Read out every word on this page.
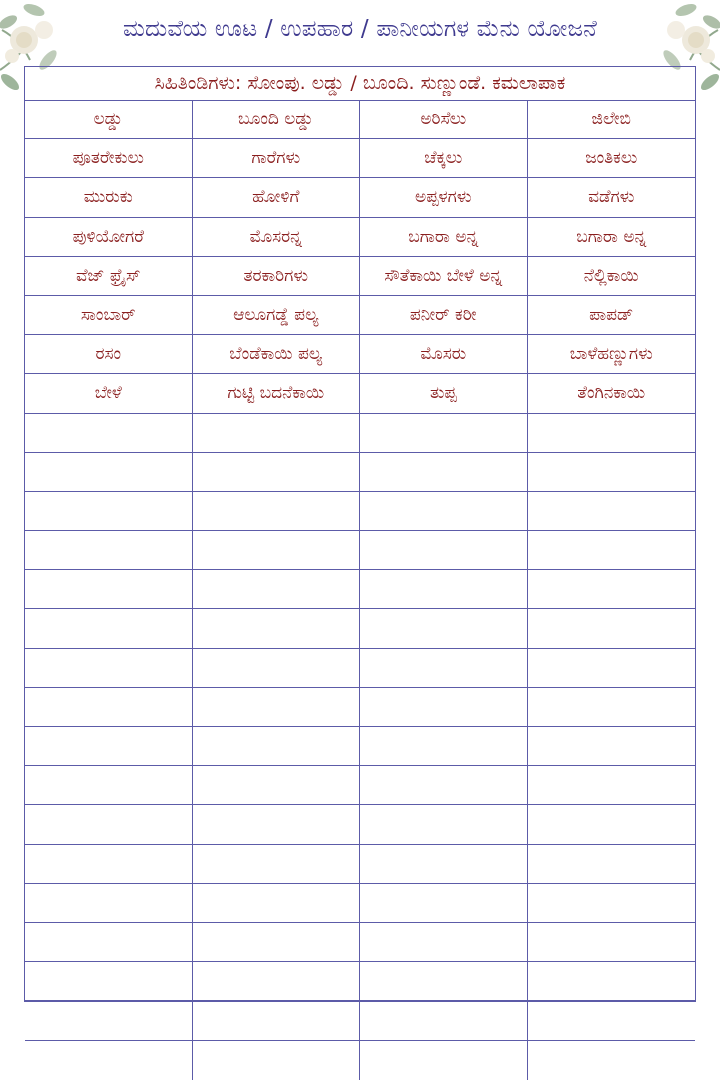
ಮದುವೆಯ ಊಟ / ಉಪಹಾರ / ಪಾನೀಯಗಳ ಮೆನು ಯೋಜನೆ
ಸಿಹಿತಿಂಡಿಗಳು: ಸೋಂಪು. ಲಡ್ಡು / ಬೂಂದಿ. ಸುಣ್ಣುಂಡೆ. ಕಮಲಾಪಾಕ
ಲಡ್ಡು	ಬೂಂದಿ ಲಡ್ಡು	ಅರಿಸೆಲು	ಜಿಲೇಬಿ
ಪೂತರೇಕುಲು	ಗಾರೆಗಳು	ಚೆಕ್ಕಲು	ಜಂತಿಕಲು
ಮುರುಕು	ಹೋಳಿಗೆ	ಅಪ್ಪಳಗಳು	ವಡೆಗಳು
ಪುಳಿಯೋಗರೆ	ಮೊಸರನ್ನ	ಬಗಾರಾ ಅನ್ನ	ಬಗಾರಾ ಅನ್ನ
ವೆಜ್ ಫ್ರೈಸ್	ತರಕಾರಿಗಳು	ಸೌತೆಕಾಯಿ ಬೇಳೆ ಅನ್ನ	ನೆಲ್ಲಿಕಾಯಿ
ಸಾಂಬಾರ್	ಆಲೂಗಡ್ಡೆ ಪಲ್ಯ	ಪನೀರ್ ಕರೀ	ಪಾಪಡ್
ರಸಂ	ಬೆಂಡೆಕಾಯಿ ಪಲ್ಯ	ಮೊಸರು	ಬಾಳೆಹಣ್ಣುಗಳು
ಬೇಳೆ	ಗುಟ್ಟಿ ಬದನೆಕಾಯಿ	ತುಪ್ಪ	ತೆಂಗಿನಕಾಯಿ
